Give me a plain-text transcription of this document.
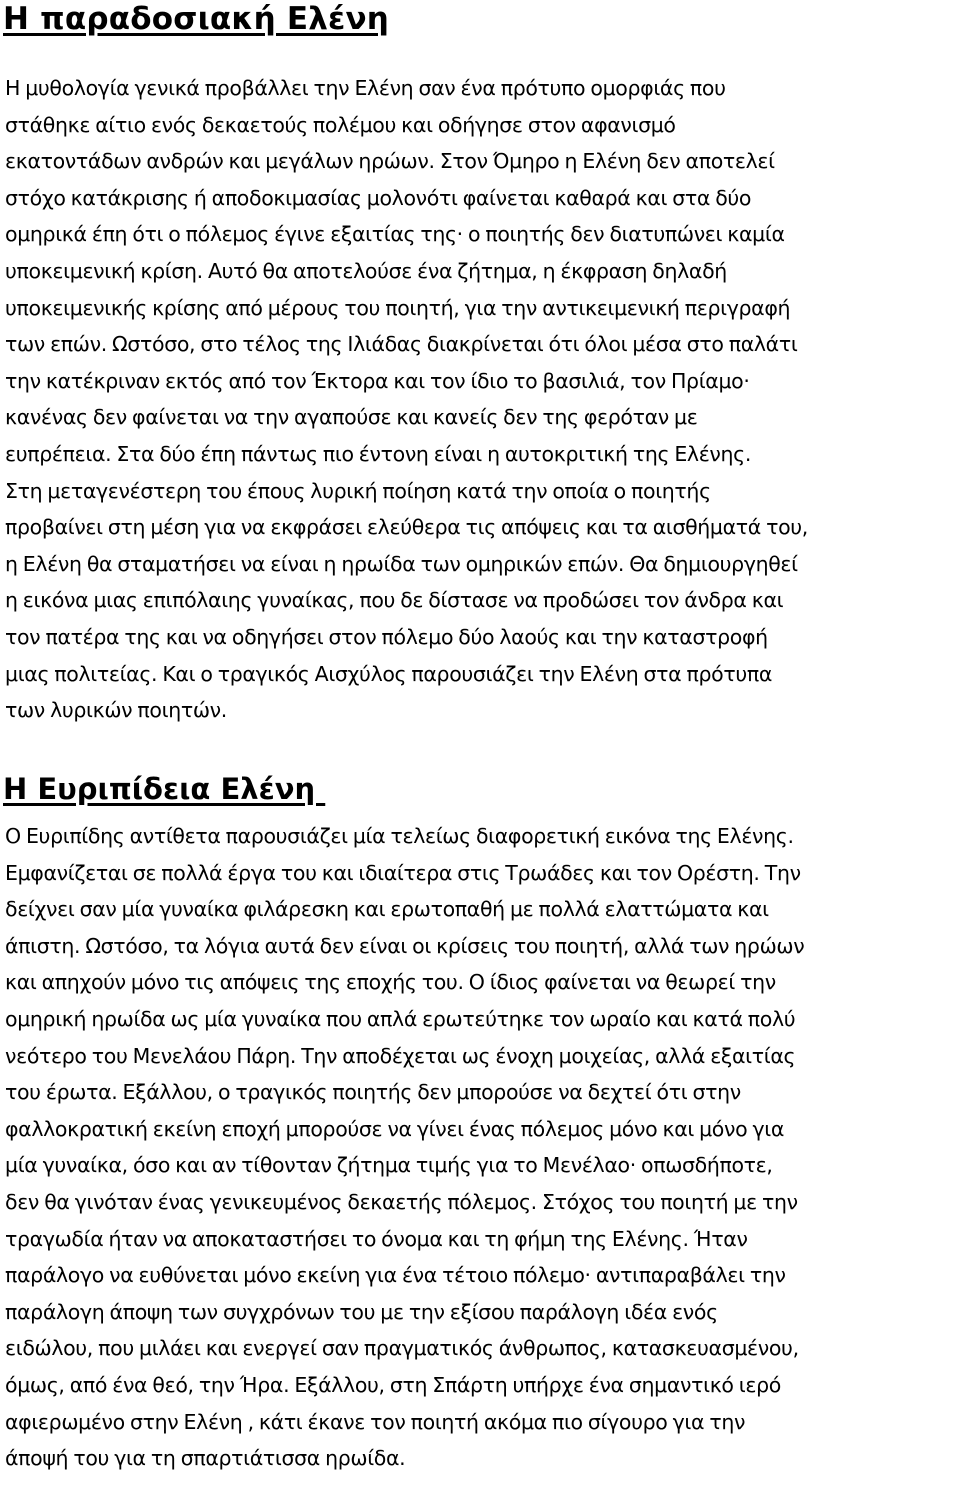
Η παραδοσιακή Ελένη
Η μυθολογία γενικά προβάλλει την Ελένη σαν ένα πρότυπο ομορφιάς που
στάθηκε αίτιο ενός δεκαετούς πολέμου και οδήγησε στον αφανισμό
εκατοντάδων ανδρών και μεγάλων ηρώων. Στον Όμηρο η Ελένη δεν αποτελεί
στόχο κατάκρισης ή αποδοκιμασίας μολονότι φαίνεται καθαρά και στα δύο
ομηρικά έπη ότι ο πόλεμος έγινε εξαιτίας της· ο ποιητής δεν διατυπώνει καμία
υποκειμενική κρίση. Αυτό θα αποτελούσε ένα ζήτημα, η έκφραση δηλαδή
υποκειμενικής κρίσης από μέρους του ποιητή, για την αντικειμενική περιγραφή
των επών. Ωστόσο, στο τέλος της Ιλιάδας διακρίνεται ότι όλοι μέσα στο παλάτι
την κατέκριναν εκτός από τον Έκτορα και τον ίδιο το βασιλιά, τον Πρίαμο·
κανένας δεν φαίνεται να την αγαπούσε και κανείς δεν της φερόταν με
ευπρέπεια. Στα δύο έπη πάντως πιο έντονη είναι η αυτοκριτική της Ελένης.
Στη μεταγενέστερη του έπους λυρική ποίηση κατά την οποία ο ποιητής
προβαίνει στη μέση για να εκφράσει ελεύθερα τις απόψεις και τα αισθήματά του,
η Ελένη θα σταματήσει να είναι η ηρωίδα των ομηρικών επών. Θα δημιουργηθεί
η εικόνα μιας επιπόλαιης γυναίκας, που δε δίστασε να προδώσει τον άνδρα και
τον πατέρα της και να οδηγήσει στον πόλεμο δύο λαούς και την καταστροφή
μιας πολιτείας. Και ο τραγικός Αισχύλος παρουσιάζει την Ελένη στα πρότυπα
των λυρικών ποιητών.
Η Ευριπίδεια Ελένη
Ο Ευριπίδης αντίθετα παρουσιάζει μία τελείως διαφορετική εικόνα της Ελένης.
Εμφανίζεται σε πολλά έργα του και ιδιαίτερα στις Τρωάδες και τον Ορέστη. Την
δείχνει σαν μία γυναίκα φιλάρεσκη και ερωτοπαθή με πολλά ελαττώματα και
άπιστη. Ωστόσο, τα λόγια αυτά δεν είναι οι κρίσεις του ποιητή, αλλά των ηρώων
και απηχούν μόνο τις απόψεις της εποχής του. Ο ίδιος φαίνεται να θεωρεί την
ομηρική ηρωίδα ως μία γυναίκα που απλά ερωτεύτηκε τον ωραίο και κατά πολύ
νεότερο του Μενελάου Πάρη. Την αποδέχεται ως ένοχη μοιχείας, αλλά εξαιτίας
του έρωτα. Εξάλλου, ο τραγικός ποιητής δεν μπορούσε να δεχτεί ότι στην
φαλλοκρατική εκείνη εποχή μπορούσε να γίνει ένας πόλεμος μόνο και μόνο για
μία γυναίκα, όσο και αν τίθονταν ζήτημα τιμής για το Μενέλαο· οπωσδήποτε,
δεν θα γινόταν ένας γενικευμένος δεκαετής πόλεμος. Στόχος του ποιητή με την
τραγωδία ήταν να αποκαταστήσει το όνομα και τη φήμη της Ελένης. Ήταν
παράλογο να ευθύνεται μόνο εκείνη για ένα τέτοιο πόλεμο· αντιπαραβάλει την
παράλογη άποψη των συγχρόνων του με την εξίσου παράλογη ιδέα ενός
ειδώλου, που μιλάει και ενεργεί σαν πραγματικός άνθρωπος, κατασκευασμένου,
όμως, από ένα θεό, την Ήρα. Εξάλλου, στη Σπάρτη υπήρχε ένα σημαντικό ιερό
αφιερωμένο στην Ελένη , κάτι έκανε τον ποιητή ακόμα πιο σίγουρο για την
άποψή του για τη σπαρτιάτισσα ηρωίδα.
